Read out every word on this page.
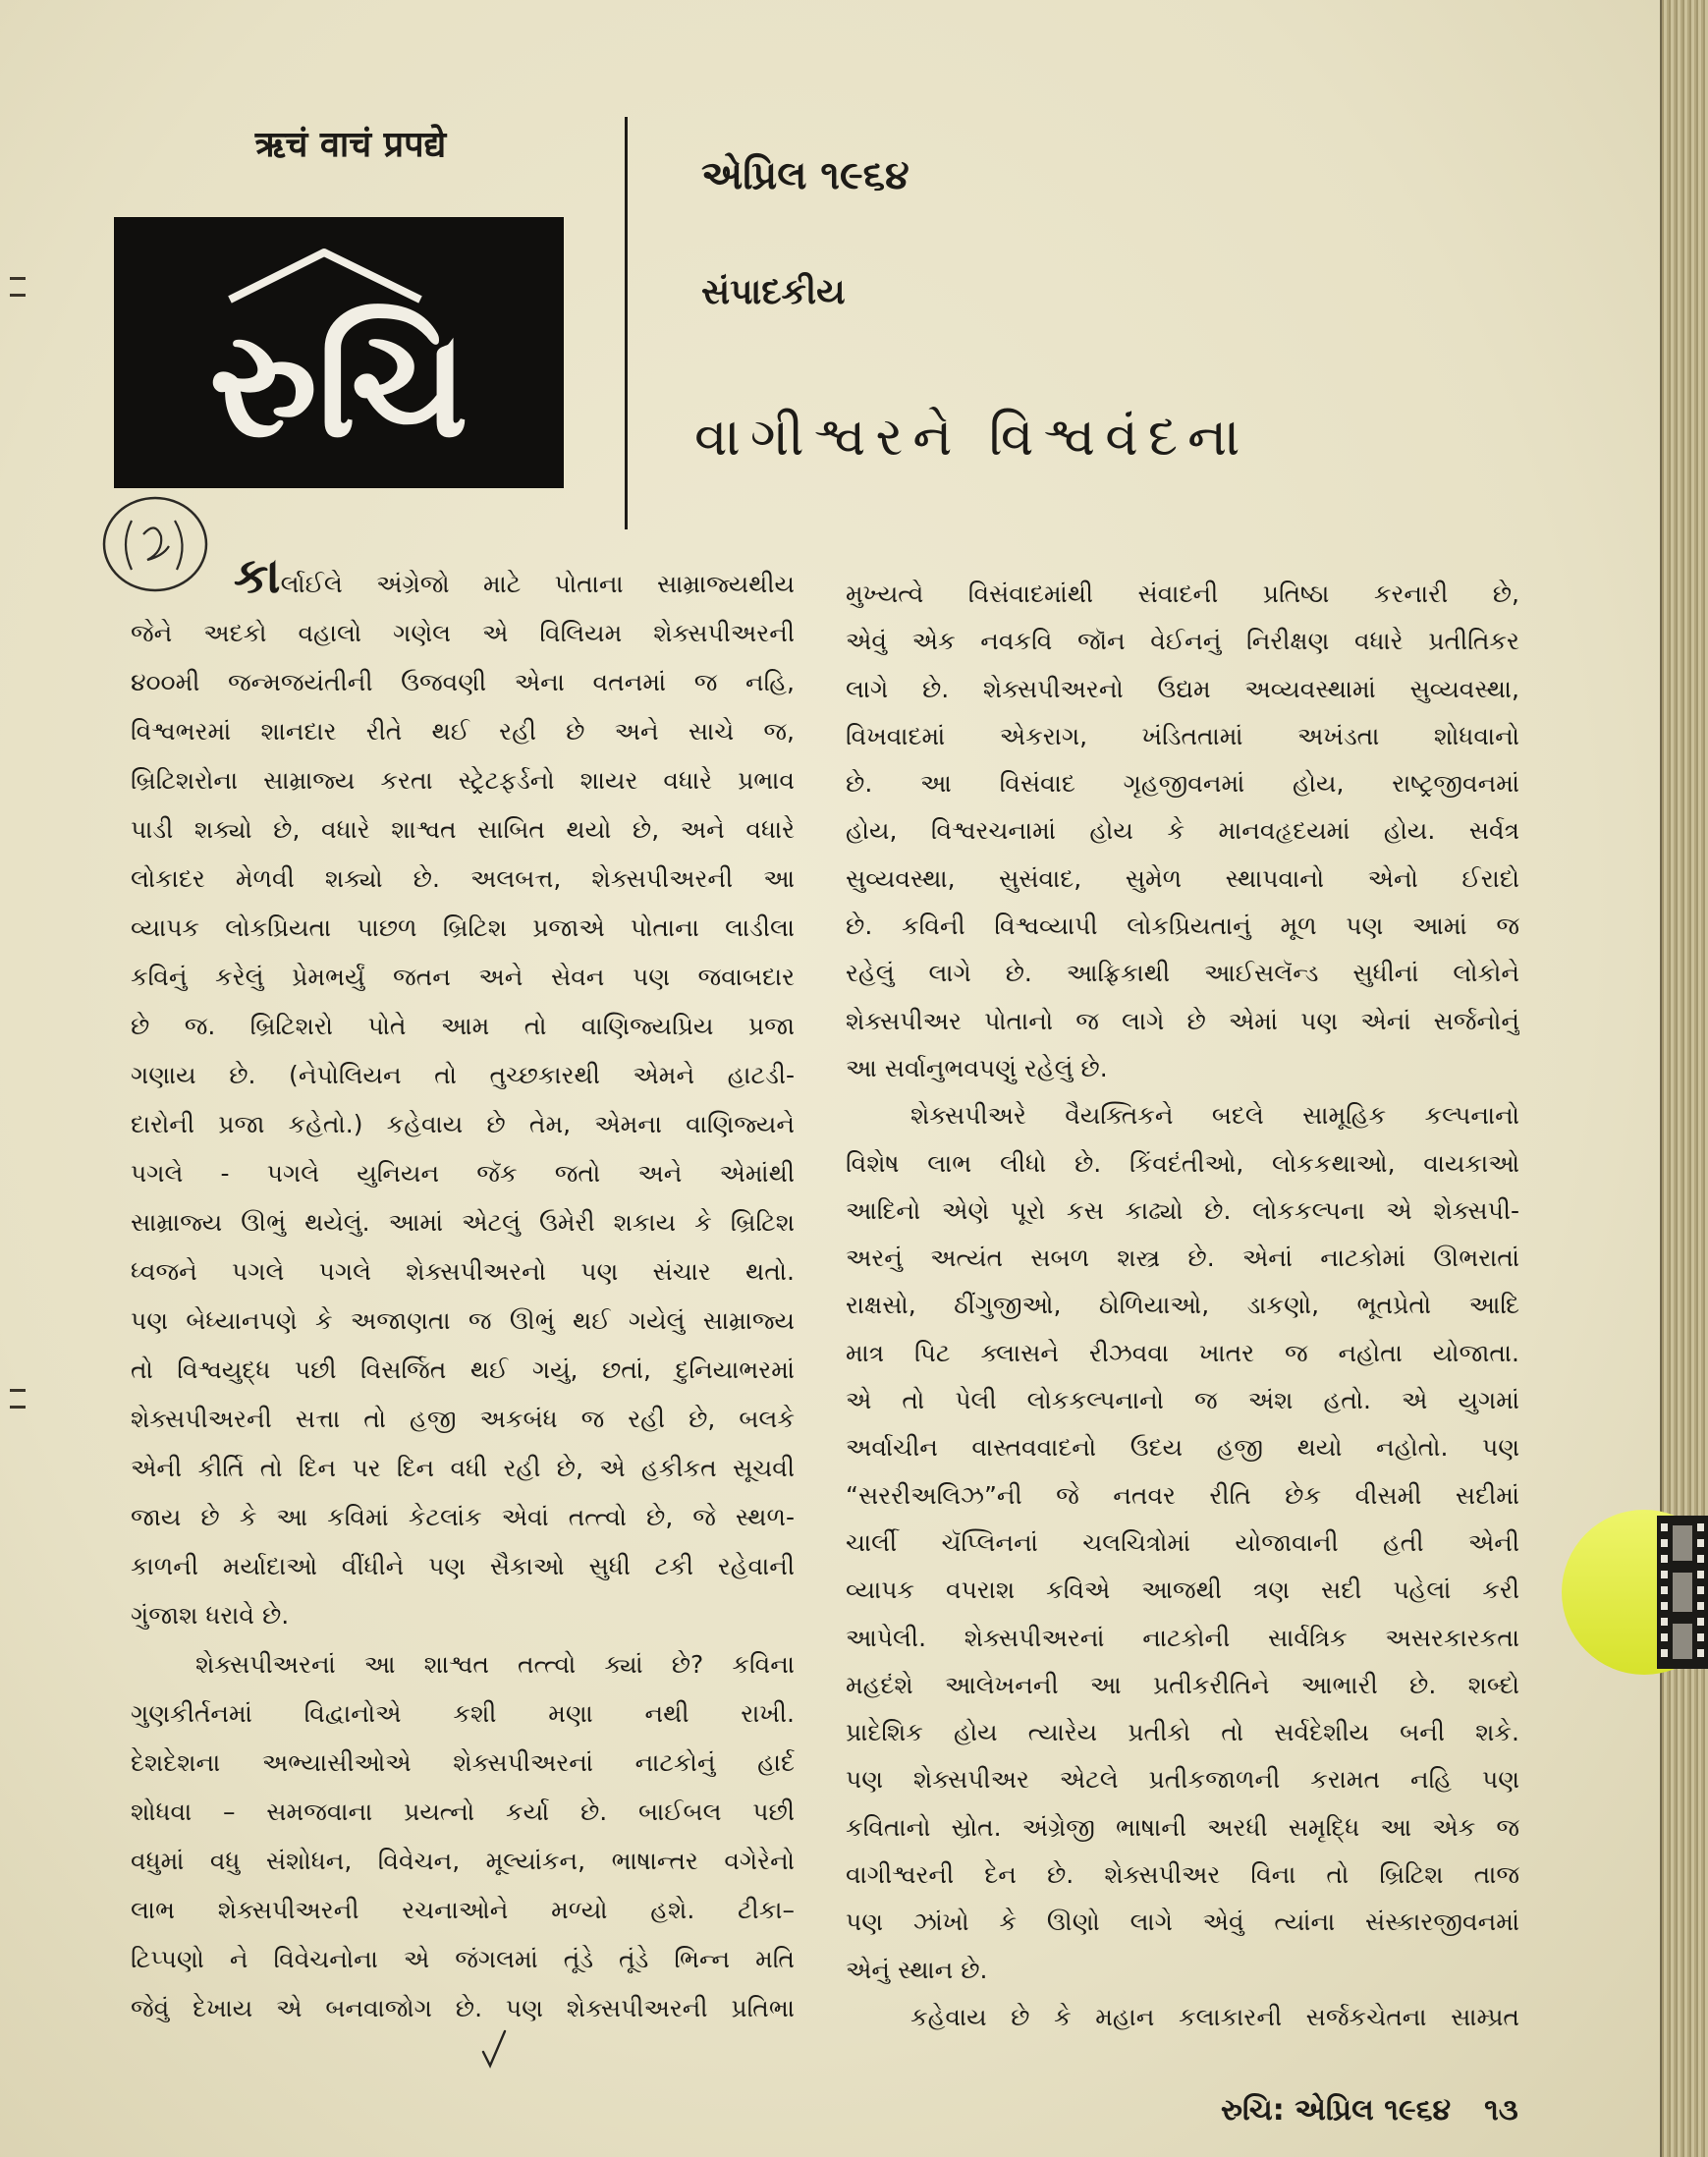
ऋचं वाचं प्रपद्ये
રુચિ
એપ્રિલ ૧૯૬૪
સંપાદકીય
વાગીશ્વરને વિશ્વવંદના
કાર્લાઈલે અંગ્રેજો માટે પોતાના સામ્રાજ્યથીય
જેને અદકો વહાલો ગણેલ એ વિલિયમ શેક્સપીઅરની
૪૦૦મી જન્મજયંતીની ઉજવણી એના વતનમાં જ નહિ,
વિશ્વભરમાં શાનદાર રીતે થઈ રહી છે અને સાચે જ,
બ્રિટિશરોના સામ્રાજ્ય કરતા સ્ટ્રેટફર્ડનો શાયર વધારે પ્રભાવ
પાડી શક્યો છે, વધારે શાશ્વત સાબિત થયો છે, અને વધારે
લોકાદર મેળવી શક્યો છે. અલબત્ત, શેક્સપીઅરની આ
વ્યાપક લોકપ્રિયતા પાછળ બ્રિટિશ પ્રજાએ પોતાના લાડીલા
કવિનું કરેલું પ્રેમભર્યું જતન અને સેવન પણ જવાબદાર
છે જ. બ્રિટિશરો પોતે આમ તો વાણિજ્યપ્રિય પ્રજા
ગણાય છે. (નેપોલિયન તો તુચ્છકારથી એમને હાટડી-
દારોની પ્રજા કહેતો.) કહેવાય છે તેમ, એમના વાણિજ્યને
પગલે - પગલે યુનિયન જૅક જતો અને એમાંથી
સામ્રાજ્ય ઊભું થયેલું. આમાં એટલું ઉમેરી શકાય કે બ્રિટિશ
ધ્વજને પગલે પગલે શેક્સપીઅરનો પણ સંચાર થતો.
પણ બેધ્યાનપણે કે અજાણતા જ ઊભું થઈ ગયેલું સામ્રાજ્ય
તો વિશ્વયુદ્ધ પછી વિસર્જિત થઈ ગયું, છતાં, દુનિયાભરમાં
શેક્સપીઅરની સત્તા તો હજી અકબંધ જ રહી છે, બલકે
એની કીર્તિ તો દિન પર દિન વધી રહી છે, એ હકીકત સૂચવી
જાય છે કે આ કવિમાં કેટલાંક એવાં તત્ત્વો છે, જે સ્થળ-
કાળની મર્યાદાઓ વીંધીને પણ સૈકાઓ સુધી ટકી રહેવાની
ગુંજાશ ધરાવે છે.
શેક્સપીઅરનાં આ શાશ્વત તત્ત્વો ક્યાં છે? કવિના
ગુણકીર્તનમાં વિદ્વાનોએ કશી મણા નથી રાખી.
દેશદેશના અભ્યાસીઓએ શેક્સપીઅરનાં નાટકોનું હાર્દ
શોધવા – સમજવાના પ્રયત્નો કર્યા છે. બાઈબલ પછી
વધુમાં વધુ સંશોધન, વિવેચન, મૂલ્યાંકન, ભાષાન્તર વગેરેનો
લાભ શેક્સપીઅરની રચનાઓને મળ્યો હશે. ટીકા–
ટિપ્પણો ને વિવેચનોના એ જંગલમાં તૂંડે તૂંડે ભિન્ન મતિ
જેવું દેખાય એ બનવાજોગ છે. પણ શેક્સપીઅરની પ્રતિભા
મુખ્યત્વે વિસંવાદમાંથી સંવાદની પ્રતિષ્ઠા કરનારી છે,
એવું એક નવકવિ જૉન વેઈનનું નિરીક્ષણ વધારે પ્રતીતિકર
લાગે છે. શેક્સપીઅરનો ઉદ્યમ અવ્યવસ્થામાં સુવ્યવસ્થા,
વિખવાદમાં એકરાગ, ખંડિતતામાં અખંડતા શોધવાનો
છે. આ વિસંવાદ ગૃહજીવનમાં હોય, રાષ્ટ્રજીવનમાં
હોય, વિશ્વરચનામાં હોય કે માનવહૃદયમાં હોય. સર્વત્ર
સુવ્યવસ્થા, સુસંવાદ, સુમેળ સ્થાપવાનો એનો ઈરાદો
છે. કવિની વિશ્વવ્યાપી લોકપ્રિયતાનું મૂળ પણ આમાં જ
રહેલું લાગે છે. આફ્રિકાથી આઈસલૅન્ડ સુધીનાં લોકોને
શેક્સપીઅર પોતાનો જ લાગે છે એમાં પણ એનાં સર્જનોનું
આ સર્વાનુભવપણું રહેલું છે.
શેક્સપીઅરે વૈયક્તિકને બદલે સામૂહિક કલ્પનાનો
વિશેષ લાભ લીધો છે. કિંવદંતીઓ, લોકકથાઓ, વાયકાઓ
આદિનો એણે પૂરો કસ કાઢ્યો છે. લોકકલ્પના એ શેક્સપી-
અરનું અત્યંત સબળ શસ્ત્ર છે. એનાં નાટકોમાં ઊભરાતાં
રાક્ષસો, ઠીંગુજીઓ, ઠોળિયાઓ, ડાકણો, ભૂતપ્રેતો આદિ
માત્ર પિટ ક્લાસને રીઝવવા ખાતર જ નહોતા યોજાતા.
એ તો પેલી લોકકલ્પનાનો જ અંશ હતો. એ યુગમાં
અર્વાચીન વાસ્તવવાદનો ઉદય હજી થયો નહોતો. પણ
“સરરીઅલિઝ”ની જે નતવર રીતિ છેક વીસમી સદીમાં
ચાર્લી ચૅપ્લિનનાં ચલચિત્રોમાં યોજાવાની હતી એની
વ્યાપક વપરાશ કવિએ આજથી ત્રણ સદી પહેલાં કરી
આપેલી. શેક્સપીઅરનાં નાટકોની સાર્વત્રિક અસરકારકતા
મહદંશે આલેખનની આ પ્રતીકરીતિને આભારી છે. શબ્દો
પ્રાદેશિક હોય ત્યારેય પ્રતીકો તો સર્વદેશીય બની શકે.
પણ શેક્સપીઅર એટલે પ્રતીકજાળની કરામત નહિ પણ
કવિતાનો સ્રોત. અંગ્રેજી ભાષાની અરધી સમૃદ્ધિ આ એક જ
વાગીશ્વરની દેન છે. શેક્સપીઅર વિના તો બ્રિટિશ તાજ
પણ ઝાંખો કે ઊણો લાગે એવું ત્યાંના સંસ્કારજીવનમાં
એનું સ્થાન છે.
કહેવાય છે કે મહાન કલાકારની સર્જકચેતના સામ્પ્રત
રુચિ: એપ્રિલ ૧૯૬૪ ૧૩
